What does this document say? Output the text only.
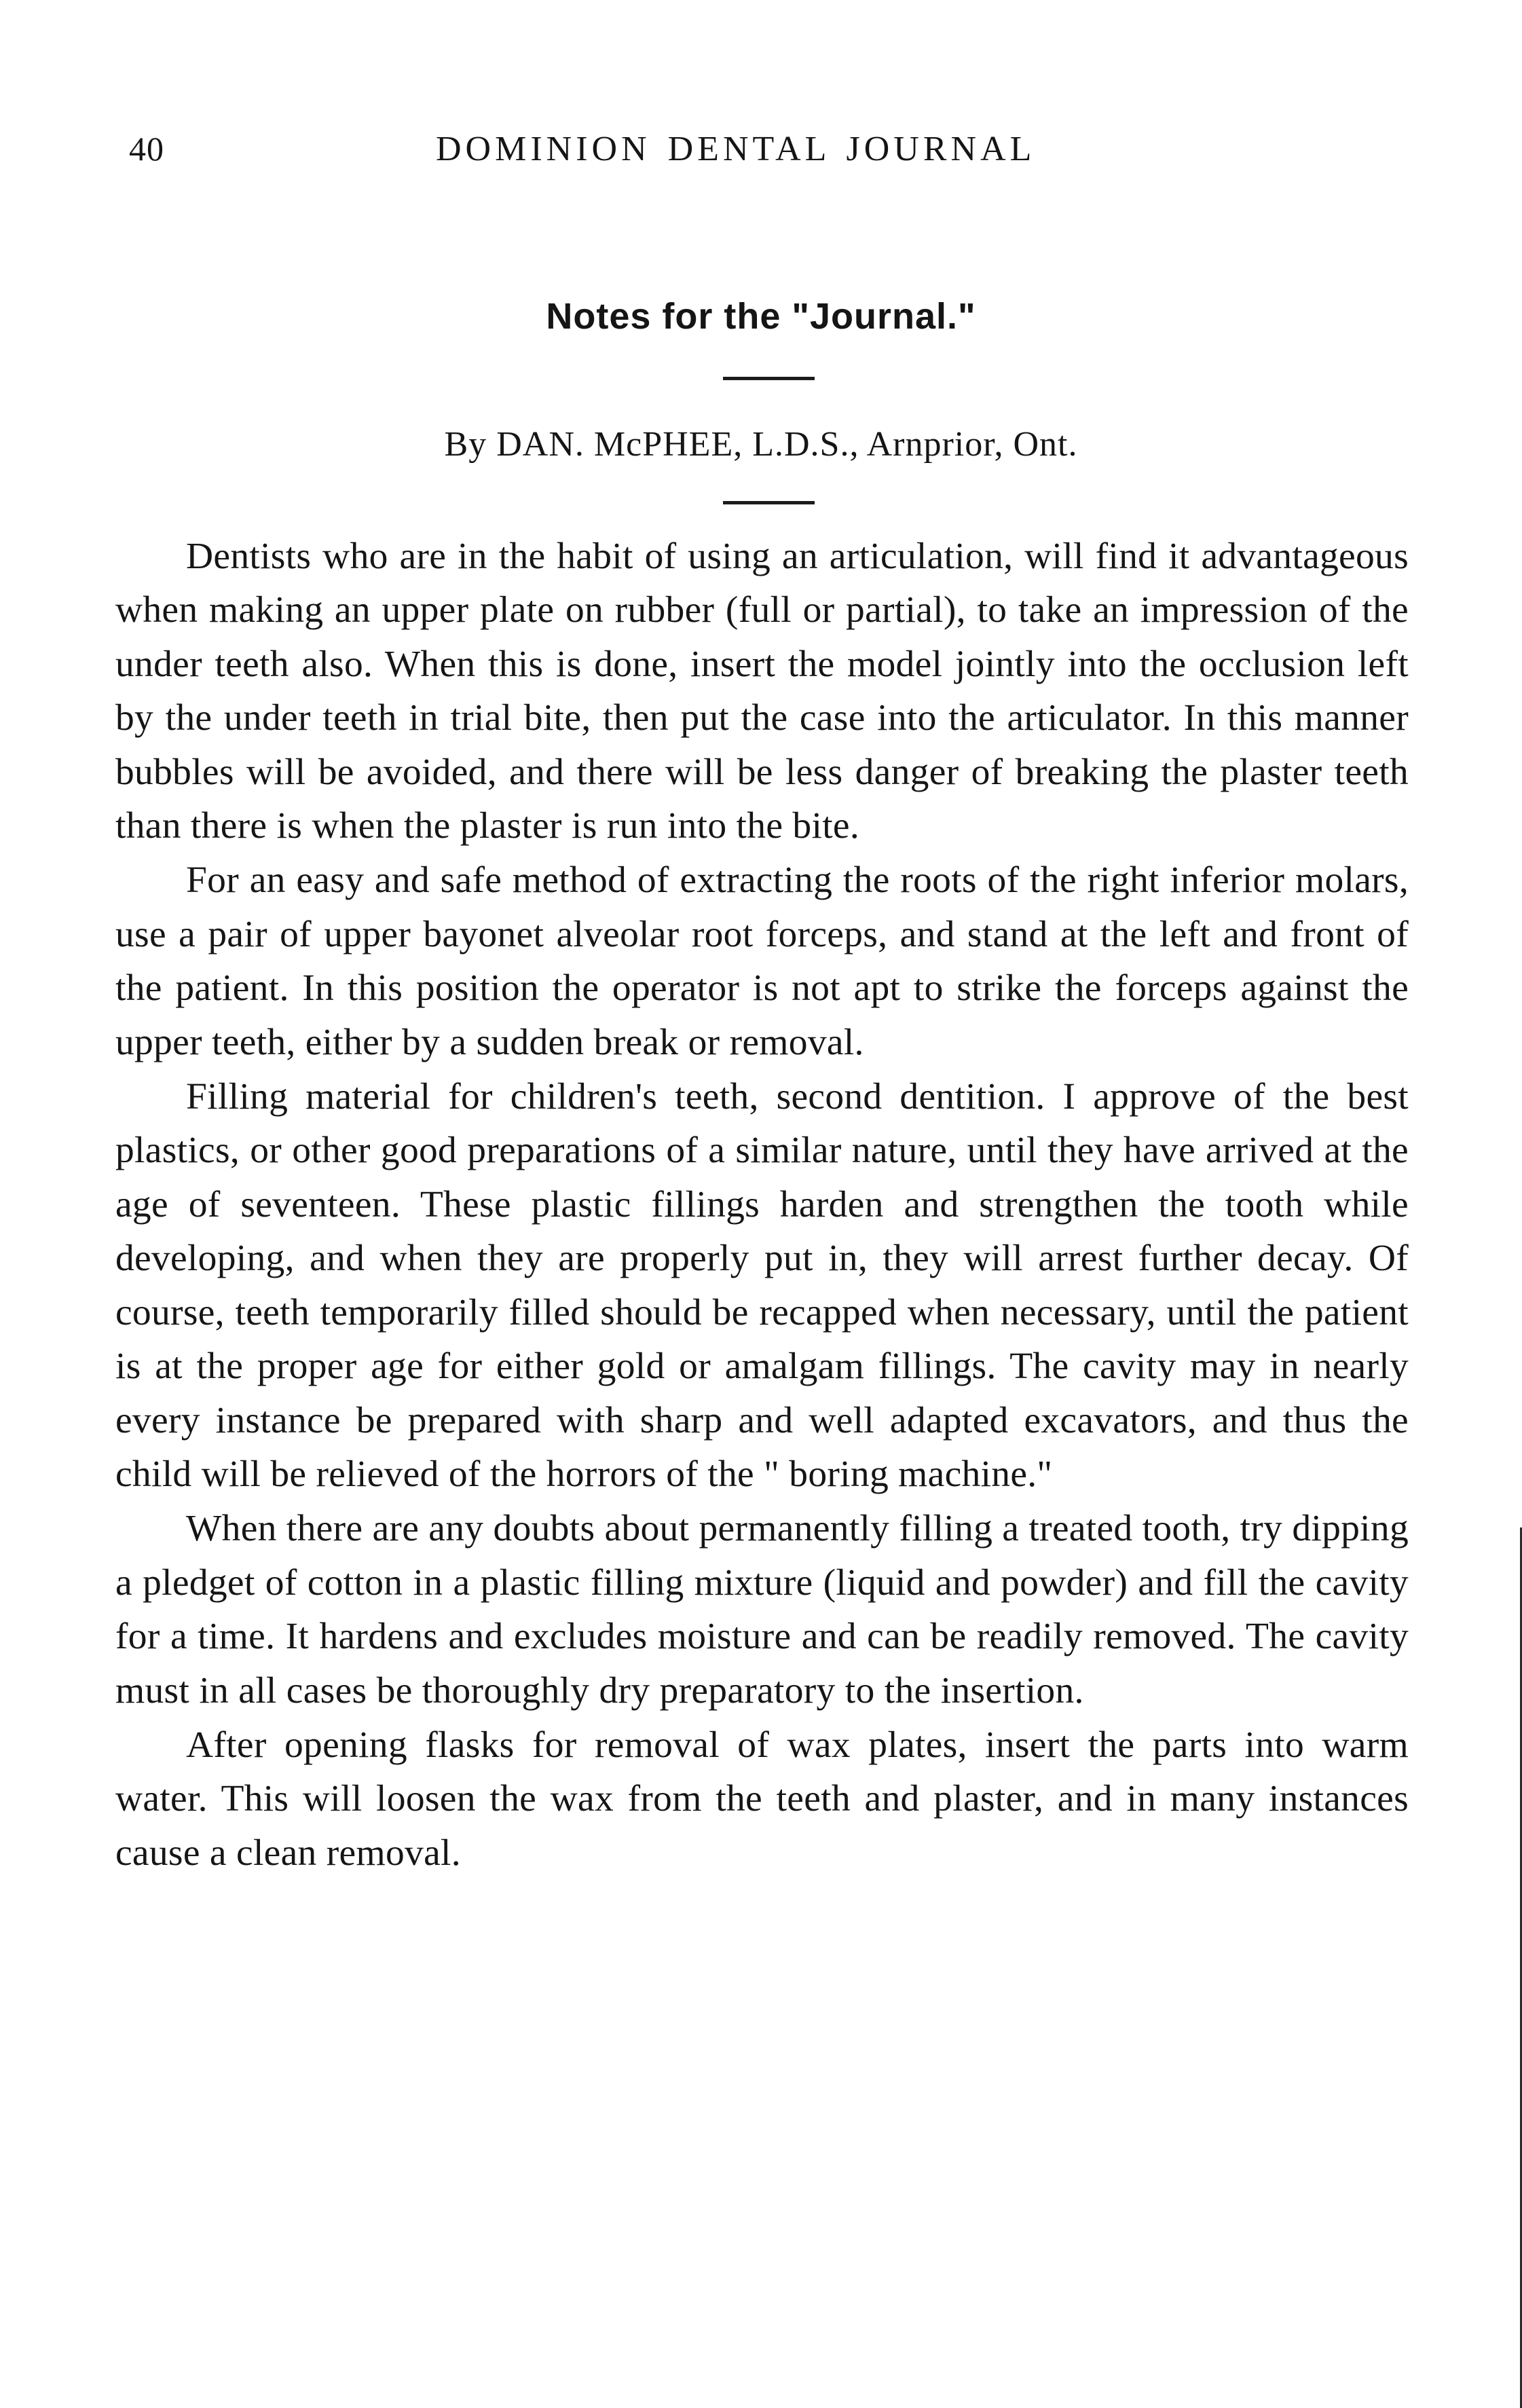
40	DOMINION DENTAL JOURNAL
Notes for the "Journal."
By DAN. McPHEE, L.D.S., Arnprior, Ont.

Dentists who are in the habit of using an articulation, will find it advantageous when making an upper plate on rubber (full or partial), to take an impression of the under teeth also. When this is done, insert the model jointly into the occlusion left by the under teeth in trial bite, then put the case into the articulator. In this manner bubbles will be avoided, and there will be less danger of breaking the plaster teeth than there is when the plaster is run into the bite.

For an easy and safe method of extracting the roots of the right inferior molars, use a pair of upper bayonet alveolar root forceps, and stand at the left and front of the patient. In this position the operator is not apt to strike the forceps against the upper teeth, either by a sudden break or removal.

Filling material for children's teeth, second dentition. I approve of the best plastics, or other good preparations of a similar nature, until they have arrived at the age of seventeen. These plastic fillings harden and strengthen the tooth while developing, and when they are properly put in, they will arrest further decay. Of course, teeth temporarily filled should be recapped when necessary, until the patient is at the proper age for either gold or amalgam fillings. The cavity may in nearly every instance be prepared with sharp and well adapted excavators, and thus the child will be relieved of the horrors of the " boring machine."

When there are any doubts about permanently filling a treated tooth, try dipping a pledget of cotton in a plastic filling mixture (liquid and powder) and fill the cavity for a time. It hardens and excludes moisture and can be readily removed. The cavity must in all cases be thoroughly dry preparatory to the insertion.

After opening flasks for removal of wax plates, insert the parts into warm water. This will loosen the wax from the teeth and plaster, and in many instances cause a clean removal.
